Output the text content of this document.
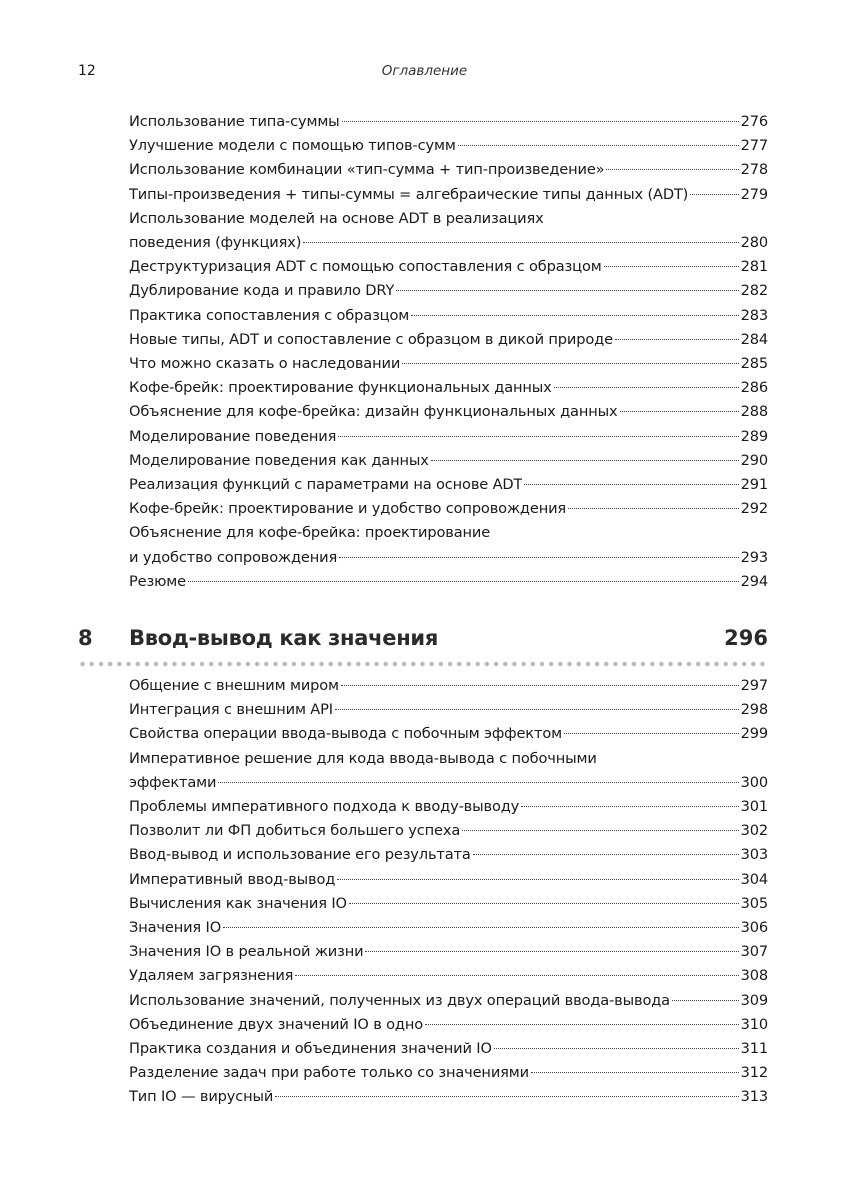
12	Оглавление
Использование типа-суммы	276
Улучшение модели с помощью типов-сумм	277
Использование комбинации «тип-сумма + тип-произведение»	278
Типы-произведения + типы-суммы = алгебраические типы данных (ADT)	279
Использование моделей на основе ADT в реализациях
поведения (функциях)	280
Деструктуризация ADT с помощью сопоставления с образцом	281
Дублирование кода и правило DRY	282
Практика сопоставления с образцом	283
Новые типы, ADT и сопоставление с образцом в дикой природе	284
Что можно сказать о наследовании	285
Кофе-брейк: проектирование функциональных данных	286
Объяснение для кофе-брейка: дизайн функциональных данных	288
Моделирование поведения	289
Моделирование поведения как данных	290
Реализация функций с параметрами на основе ADT	291
Кофе-брейк: проектирование и удобство сопровождения	292
Объяснение для кофе-брейка: проектирование
и удобство сопровождения	293
Резюме	294
8 Ввод-вывод как значения	296
Общение с внешним миром	297
Интеграция с внешним API	298
Свойства операции ввода-вывода с побочным эффектом	299
Императивное решение для кода ввода-вывода с побочными
эффектами	300
Проблемы императивного подхода к вводу-выводу	301
Позволит ли ФП добиться большего успеха	302
Ввод-вывод и использование его результата	303
Императивный ввод-вывод	304
Вычисления как значения IO	305
Значения IO	306
Значения IO в реальной жизни	307
Удаляем загрязнения	308
Использование значений, полученных из двух операций ввода-вывода	309
Объединение двух значений IO в одно	310
Практика создания и объединения значений IO	311
Разделение задач при работе только со значениями	312
Тип IO — вирусный	313
